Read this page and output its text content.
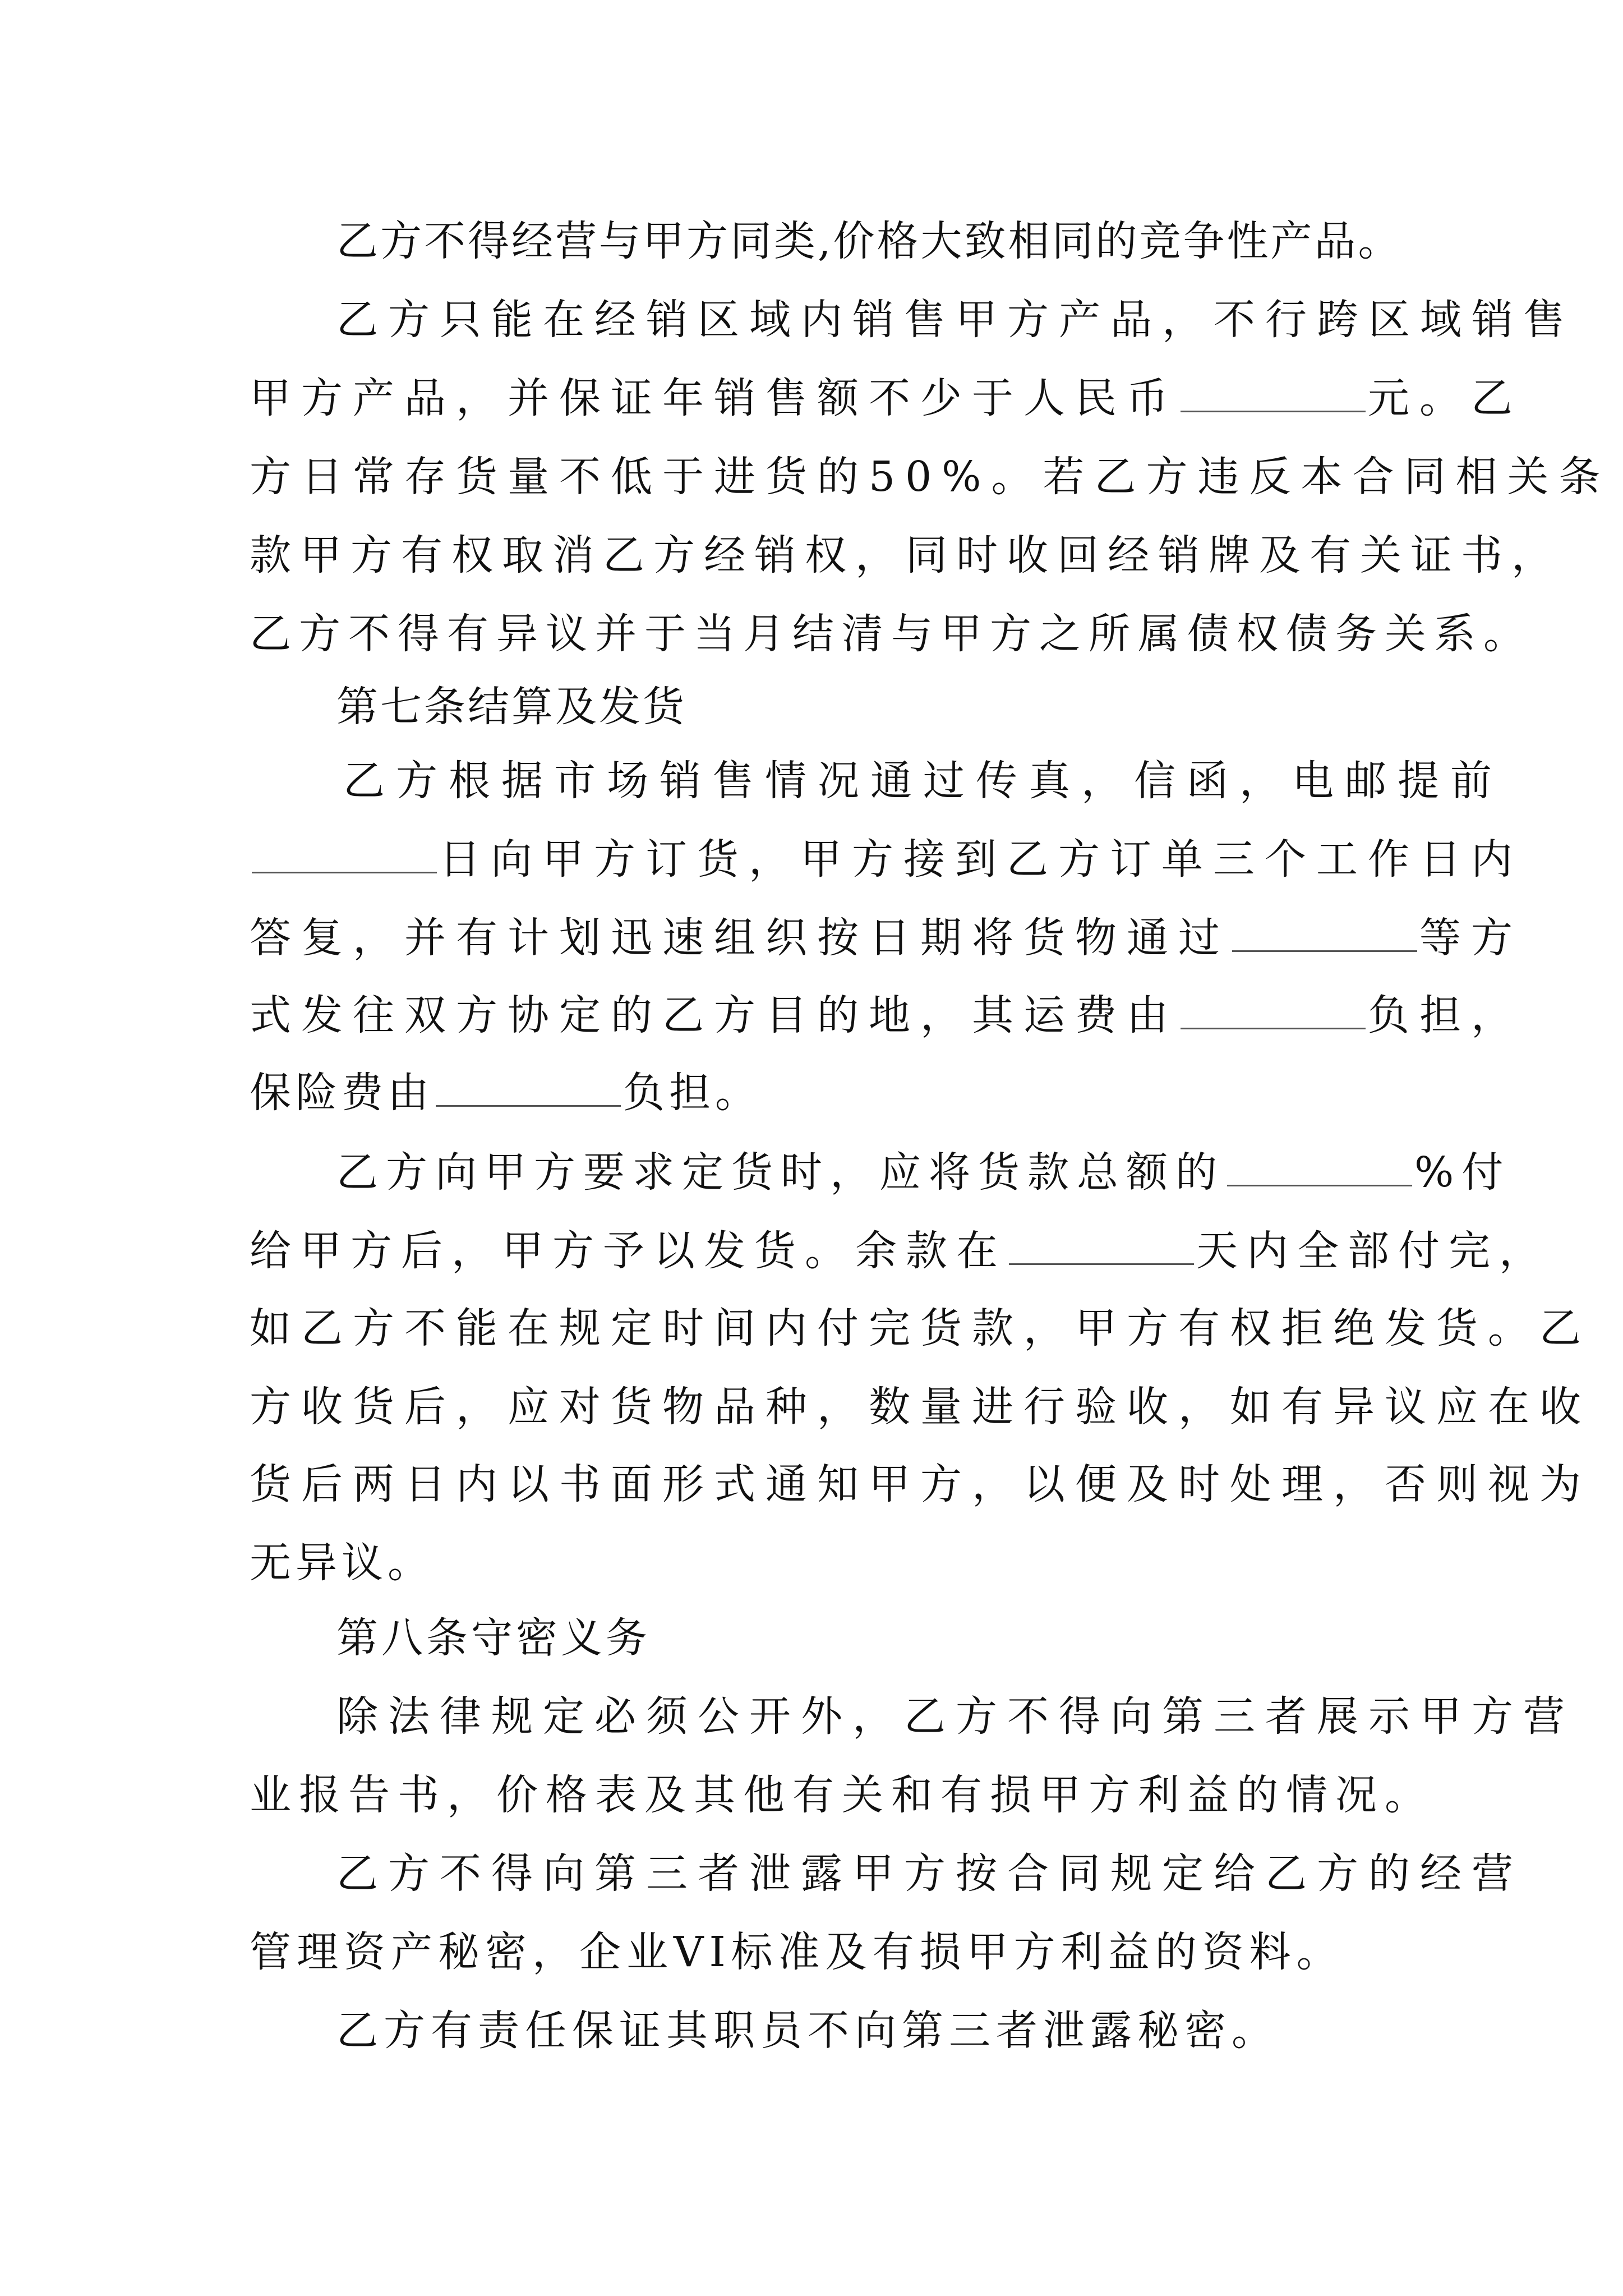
乙方不得经营与甲方同类,价格大致相同的竞争性产品。
乙方只能在经销区域内销售甲方产品，不行跨区域销售
甲方产品，并保证年销售额不少于人民币	元。乙
方日常存货量不低于进货的50%。若乙方违反本合同相关条
款甲方有权取消乙方经销权，同时收回经销牌及有关证书，
乙方不得有异议并于当月结清与甲方之所属债权债务关系。
第七条结算及发货
乙方根据市场销售情况通过传真，信函，电邮提前
日向甲方订货，甲方接到乙方订单三个工作日内
答复，并有计划迅速组织按日期将货物通过	等方
式发往双方协定的乙方目的地，其运费由	负担，
保险费由	负担。
乙方向甲方要求定货时，应将货款总额的	%付
给甲方后，甲方予以发货。余款在	天内全部付完，
如乙方不能在规定时间内付完货款，甲方有权拒绝发货。乙
方收货后，应对货物品种，数量进行验收，如有异议应在收
货后两日内以书面形式通知甲方，以便及时处理，否则视为
无异议。
第八条守密义务
除法律规定必须公开外，乙方不得向第三者展示甲方营
业报告书，价格表及其他有关和有损甲方利益的情况。
乙方不得向第三者泄露甲方按合同规定给乙方的经营
管理资产秘密，企业VI标准及有损甲方利益的资料。
乙方有责任保证其职员不向第三者泄露秘密。
